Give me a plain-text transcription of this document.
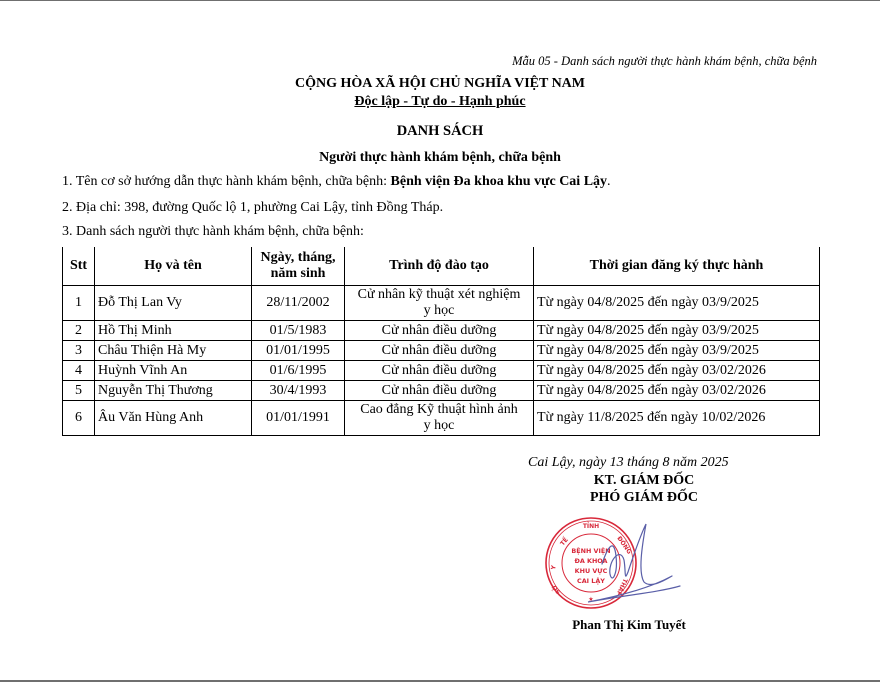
Mẫu 05 - Danh sách người thực hành khám bệnh, chữa bệnh
CỘNG HÒA XÃ HỘI CHỦ NGHĨA VIỆT NAM
Độc lập - Tự do - Hạnh phúc
DANH SÁCH
Người thực hành khám bệnh, chữa bệnh
1. Tên cơ sở hướng dẫn thực hành khám bệnh, chữa bệnh: Bệnh viện Đa khoa khu vực Cai Lậy.
2. Địa chỉ: 398, đường Quốc lộ 1, phường Cai Lậy, tỉnh Đồng Tháp.
3. Danh sách người thực hành khám bệnh, chữa bệnh:
Stt	Họ và tên	Ngày, tháng,
năm sinh	Trình độ đào tạo	Thời gian đăng ký thực hành
1	Đỗ Thị Lan Vy	28/11/2002	Cử nhân kỹ thuật xét nghiệm
y học	Từ ngày 04/8/2025 đến ngày 03/9/2025
2	Hồ Thị Minh	01/5/1983	Cử nhân điều dưỡng	Từ ngày 04/8/2025 đến ngày 03/9/2025
3	Châu Thiện Hà My	01/01/1995	Cử nhân điều dưỡng	Từ ngày 04/8/2025 đến ngày 03/9/2025
4	Huỳnh Vĩnh An	01/6/1995	Cử nhân điều dưỡng	Từ ngày 04/8/2025 đến ngày 03/02/2026
5	Nguyễn Thị Thương	30/4/1993	Cử nhân điều dưỡng	Từ ngày 04/8/2025 đến ngày 03/02/2026
6	Âu Văn Hùng Anh	01/01/1991	Cao đẳng Kỹ thuật hình ảnh
y học	Từ ngày 11/8/2025 đến ngày 10/02/2026
Cai Lậy, ngày 13 tháng 8 năm 2025
KT. GIÁM ĐỐC
PHÓ GIÁM ĐỐC
TỈNH
TẾ
Y
SỞ
ĐỒNG
THÁP
BỆNH VIỆN
ĐA KHOA
KHU VỰC
CAI LẬY
★
Phan Thị Kim Tuyết
